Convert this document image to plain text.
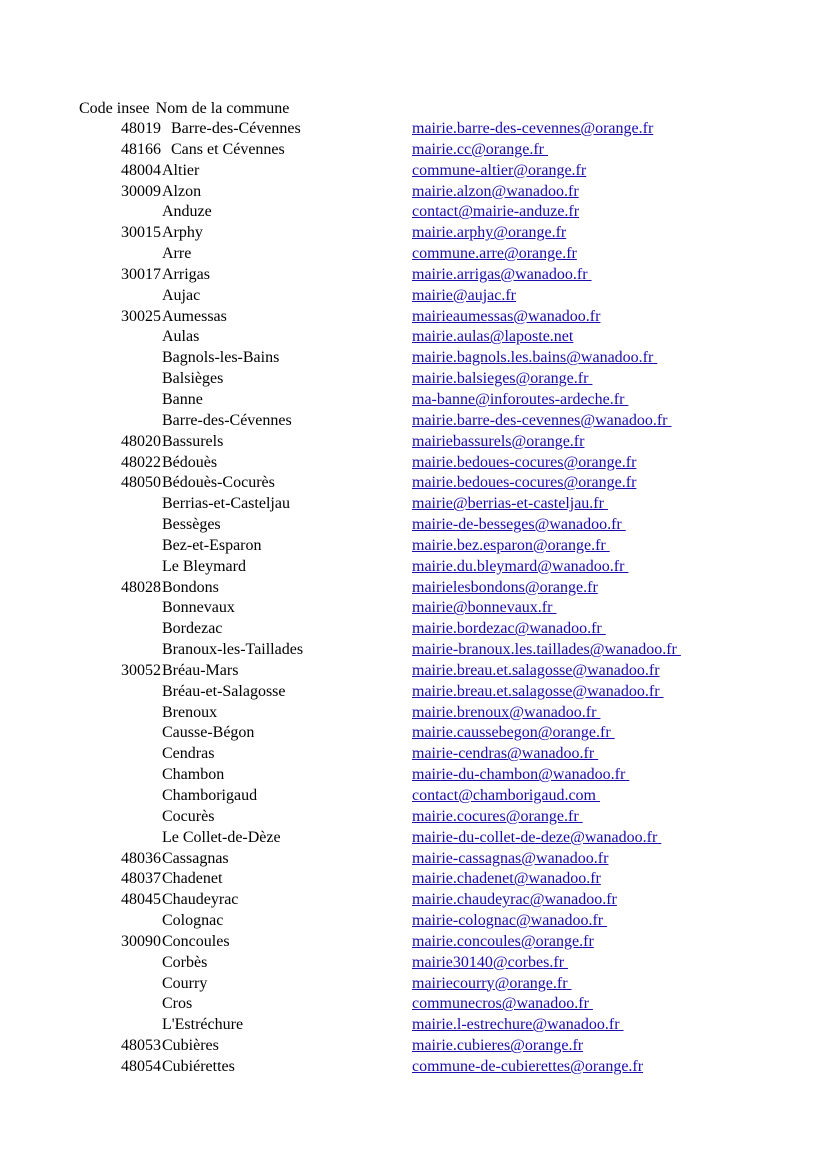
Code insee Nom de la commune
48019 Barre-des-Cévennes	mairie.barre-des-cevennes@orange.fr
48166 Cans et Cévennes	mairie.cc@orange.fr
48004 Altier	commune-altier@orange.fr
30009 Alzon	mairie.alzon@wanadoo.fr
Anduze	contact@mairie-anduze.fr
30015 Arphy	mairie.arphy@orange.fr
Arre	commune.arre@orange.fr
30017 Arrigas	mairie.arrigas@wanadoo.fr
Aujac	mairie@aujac.fr
30025 Aumessas	mairieaumessas@wanadoo.fr
Aulas	mairie.aulas@laposte.net
Bagnols-les-Bains	mairie.bagnols.les.bains@wanadoo.fr
Balsièges	mairie.balsieges@orange.fr
Banne	ma-banne@inforoutes-ardeche.fr
Barre-des-Cévennes	mairie.barre-des-cevennes@wanadoo.fr
48020 Bassurels	mairiebassurels@orange.fr
48022 Bédouès	mairie.bedoues-cocures@orange.fr
48050 Bédouès-Cocurès	mairie.bedoues-cocures@orange.fr
Berrias-et-Casteljau	mairie@berrias-et-casteljau.fr
Bessèges	mairie-de-besseges@wanadoo.fr
Bez-et-Esparon	mairie.bez.esparon@orange.fr
Le Bleymard	mairie.du.bleymard@wanadoo.fr
48028 Bondons	mairielesbondons@orange.fr
Bonnevaux	mairie@bonnevaux.fr
Bordezac	mairie.bordezac@wanadoo.fr
Branoux-les-Taillades	mairie-branoux.les.taillades@wanadoo.fr
30052 Bréau-Mars	mairie.breau.et.salagosse@wanadoo.fr
Bréau-et-Salagosse	mairie.breau.et.salagosse@wanadoo.fr
Brenoux	mairie.brenoux@wanadoo.fr
Causse-Bégon	mairie.caussebegon@orange.fr
Cendras	mairie-cendras@wanadoo.fr
Chambon	mairie-du-chambon@wanadoo.fr
Chamborigaud	contact@chamborigaud.com
Cocurès	mairie.cocures@orange.fr
Le Collet-de-Dèze	mairie-du-collet-de-deze@wanadoo.fr
48036 Cassagnas	mairie-cassagnas@wanadoo.fr
48037 Chadenet	mairie.chadenet@wanadoo.fr
48045 Chaudeyrac	mairie.chaudeyrac@wanadoo.fr
Colognac	mairie-colognac@wanadoo.fr
30090 Concoules	mairie.concoules@orange.fr
Corbès	mairie30140@corbes.fr
Courry	mairiecourry@orange.fr
Cros	communecros@wanadoo.fr
L'Estréchure	mairie.l-estrechure@wanadoo.fr
48053 Cubières	mairie.cubieres@orange.fr
48054 Cubiérettes	commune-de-cubierettes@orange.fr
